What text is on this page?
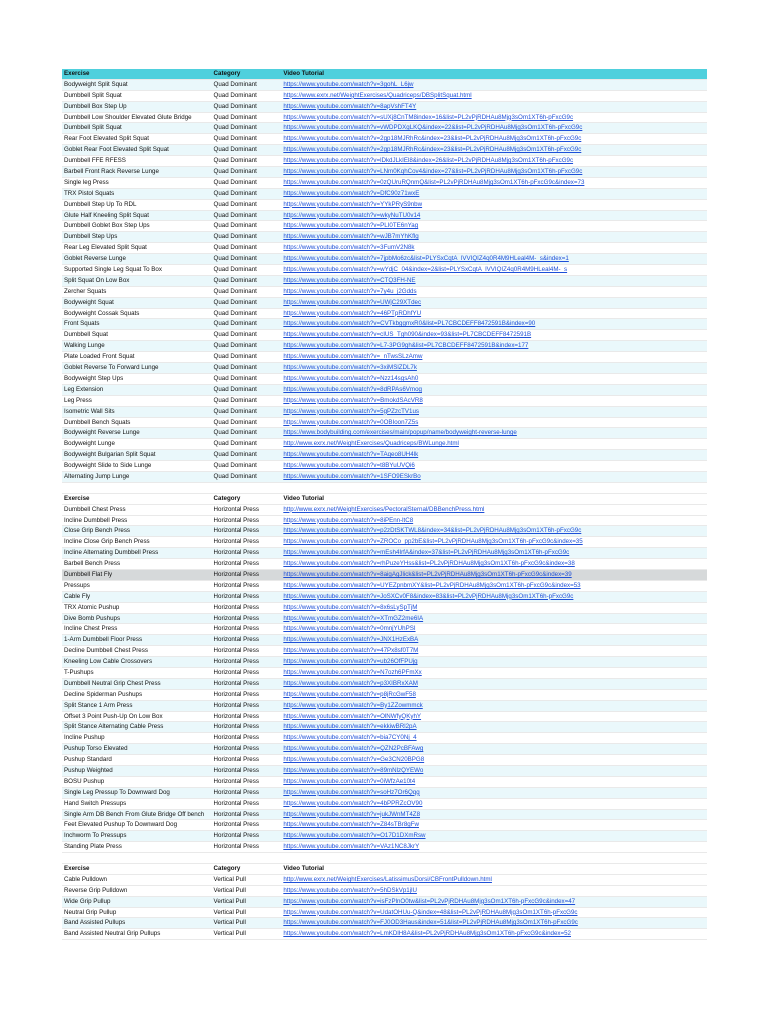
Exercise	Category	Video Tutorial
Bodyweight Split Squat	Quad Dominant	https://www.youtube.com/watch?v=3gohL_L6jw
Dumbbell Split Squat	Quad Dominant	https://www.exrx.net/WeightExercises/Quadriceps/DBSplitSquat.html
Dumbbell Box Step Up	Quad Dominant	https://www.youtube.com/watch?v=8apVshFT4Y
Dumbbell Low Shoulder Elevated Glute Bridge	Quad Dominant	https://www.youtube.com/watch?v=sUXj8CnTM8index=16&list=PL2vPjRDHAu8Mjg3sOm1XT6h-pFxcG9c
Dumbbell Split Squat	Quad Dominant	https://www.youtube.com/watch?v=vWDPDXgLKQ&index=22&list=PL2vPjRDHAu8Mjg3sOm1XT6h-pFxcG9c
Rear Foot Elevated Split Squat	Quad Dominant	https://www.youtube.com/watch?v=2gp18MJRhRc&index=23&list=PL2vPjRDHAu8Mjg3sOm1XT6h-pFxcG9c
Goblet Rear Foot Elevated Split Squat	Quad Dominant	https://www.youtube.com/watch?v=2gp18MJRhRc&index=23&list=PL2vPjRDHAu8Mjg3sOm1XT6h-pFxcG9c
Dumbbell FFE RFESS	Quad Dominant	https://www.youtube.com/watch?v=lDkdJLkIEl8&index=26&list=PL2vPjRDHAu8Mjg3sOm1XT6h-pFxcG9c
Barbell Front Rack Reverse Lunge	Quad Dominant	https://www.youtube.com/watch?v=LNm0KqhCov4&index=27&list=PL2vPjRDHAu8Mjg3sOm1XT6h-pFxcG9c
Single leg Press	Quad Dominant	https://www.youtube.com/watch?v=0zQUruRQnmQ&list=PL2vPjRDHAu8Mjg3sOm1XT6h-pFxcG9c&index=73
TRX Pistol Squats	Quad Dominant	https://www.youtube.com/watch?v=DfC90z71wxE
Dumbbell Step Up To RDL	Quad Dominant	https://www.youtube.com/watch?v=YYkPRyS9nbw
Glute Half Kneeling Split Squat	Quad Dominant	https://www.youtube.com/watch?v=wkyNuTU0v14
Dumbbell Goblet Box Step Ups	Quad Dominant	https://www.youtube.com/watch?v=PLI0TE6nYag
Dumbbell Step Ups	Quad Dominant	https://www.youtube.com/watch?v=wJB7mYhKflg
Rear Leg Elevated Split Squat	Quad Dominant	https://www.youtube.com/watch?v=3FumV2N8k
Goblet Reverse Lunge	Quad Dominant	https://www.youtube.com/watch?v=7jpbMo6zc&list=PLYSxCqtA_lVVIQIZ4q0R4M9HLeal4M-_s&index=1
Supported Single Leg Squat To Box	Quad Dominant	https://www.youtube.com/watch?v=wYdjC_04&index=2&list=PLYSxCqtA_lVVIQIZ4q0R4M9HLeal4M-_s
Split Squat On Low Box	Quad Dominant	https://www.youtube.com/watch?v=CTQ3FH-NE
Zercher Squats	Quad Dominant	https://www.youtube.com/watch?v=7y4u_j2Gdds
Bodyweight Squat	Quad Dominant	https://www.youtube.com/watch?v=UWjC29XTdec
Bodyweight Cossak Squats	Quad Dominant	https://www.youtube.com/watch?v=46PTpRDhfYU
Front Squats	Quad Dominant	https://www.youtube.com/watch?v=CVTkbggmxR0&list=PL7CBCDEFF8472591B&index=90
Dumbbell Squat	Quad Dominant	https://www.youtube.com/watch?v=cIUS_Tgh090&index=93&list=PL7CBCDEFF8472591B
Walking Lunge	Quad Dominant	https://www.youtube.com/watch?v=L7-3PG9gh&list=PL7CBCDEFF8472591B&index=177
Plate Loaded Front Squat	Quad Dominant	https://www.youtube.com/watch?v=_nTwsSLzAmw
Goblet Reverse To Forward Lunge	Quad Dominant	https://www.youtube.com/watch?v=3xiMSlZDL7k
Bodyweight Step Ups	Quad Dominant	https://www.youtube.com/watch?v=Nzz14sgsAh0
Leg Extension	Quad Dominant	https://www.youtube.com/watch?v=8dRPAs6Vmog
Leg Press	Quad Dominant	https://www.youtube.com/watch?v=BmokdSAcVR8
Isometric Wall Sits	Quad Dominant	https://www.youtube.com/watch?v=5gPZzcTV1us
Dumbbell Bench Squats	Quad Dominant	https://www.youtube.com/watch?v=0OBIoon7Z5s
Bodyweight Reverse Lunge	Quad Dominant	https://www.bodybuilding.com/exercises/main/popup/name/bodyweight-reverse-lunge
Bodyweight Lunge	Quad Dominant	http://www.exrx.net/WeightExercises/Quadriceps/BWLunge.html
Bodyweight Bulgarian Split Squat	Quad Dominant	https://www.youtube.com/watch?v=TAqeo8UH4lk
Bodyweight Slide to Side Lunge	Quad Dominant	https://www.youtube.com/watch?v=t8BYuUVQi6
Alternating Jump Lunge	Quad Dominant	https://www.youtube.com/watch?v=1SFO9ESkrBo
Exercise	Category	Video Tutorial
Dumbbell Chest Press	Horizontal Press	http://www.exrx.net/WeightExercises/PectoralSternal/DBBenchPress.html
Incline Dumbbell Press	Horizontal Press	https://www.youtube.com/watch?v=8iPEnn-ltC8
Close Grip Bench Press	Horizontal Press	https://www.youtube.com/watch?v=p2zDtSKTWL8&index=34&list=PL2vPjRDHAu8Mjg3sOm1XT6h-pFxcG9c
Incline Close Grip Bench Press	Horizontal Press	https://www.youtube.com/watch?v=ZROCo_pp2bE&list=PL2vPjRDHAu8Mjg3sOm1XT6h-pFxcG9c&index=35
Incline Alternating Dumbbell Press	Horizontal Press	https://www.youtube.com/watch?v=mEsh4IrfA&index=37&list=PL2vPjRDHAu8Mjg3sOm1XT6h-pFxcG9c
Barbell Bench Press	Horizontal Press	https://www.youtube.com/watch?v=rhPuzeYHss&list=PL2vPjRDHAu8Mjg3sOm1XT6h-pFxcG9c&index=38
Dumbbell Flat Fly	Horizontal Press	https://www.youtube.com/watch?v=8aigAgJlick&list=PL2vPjRDHAu8Mjg3sOm1XT6h-pFxcG9c&index=39
Pressups	Horizontal Press	https://www.youtube.com/watch?v=UYEZpnbmXY&list=PL2vPjRDHAu8Mjg3sOm1XT6h-pFxcG9c&index=53
Cable Fly	Horizontal Press	https://www.youtube.com/watch?v=JoSXCv0F8&index=83&list=PL2vPjRDHAu8Mjg3sOm1XT6h-pFxcG9c
TRX Atomic Pushup	Horizontal Press	https://www.youtube.com/watch?v=8x6sLySpTjM
Dive Bomb Pushups	Horizontal Press	https://www.youtube.com/watch?v=XTmGZ2me6IA
Incline Chest Press	Horizontal Press	https://www.youtube.com/watch?v=0mnjYUhPSI
1-Arm Dumbbell Floor Press	Horizontal Press	https://www.youtube.com/watch?v=JNX1HzExBA
Decline Dumbbell Chest Press	Horizontal Press	https://www.youtube.com/watch?v=47Px8sf0T7M
Kneeling Low Cable Crossovers	Horizontal Press	https://www.youtube.com/watch?v=ub26OfFPUjg
T-Pushups	Horizontal Press	https://www.youtube.com/watch?v=N7ozh6PFmXx
Dumbbell Neutral Grip Chest Press	Horizontal Press	https://www.youtube.com/watch?v=p3XIBRxXAM
Decline Spiderman Pushups	Horizontal Press	https://www.youtube.com/watch?v=p8jRcGwF58
Split Stance 1 Arm Press	Horizontal Press	https://www.youtube.com/watch?v=By1ZZowmmck
Offset 3 Point Push-Up On Low Box	Horizontal Press	https://www.youtube.com/watch?v=OlNWfyQKyhY
Split Stance Alternating Cable Press	Horizontal Press	https://www.youtube.com/watch?v=ekkiwBRl2pA
Incline Pushup	Horizontal Press	https://www.youtube.com/watch?v=bia7CY0Nj_4
Pushup Torso Elevated	Horizontal Press	https://www.youtube.com/watch?v=QZN2PcBFAwg
Pushup Standard	Horizontal Press	https://www.youtube.com/watch?v=Ge3CN20BPG8
Pushup Weighted	Horizontal Press	https://www.youtube.com/watch?v=89mNlzQYEWo
BOSU Pushup	Horizontal Press	https://www.youtube.com/watch?v=0iWfzAe10t4
Single Leg Pressup To Downward Dog	Horizontal Press	https://www.youtube.com/watch?v=soHz7Or6Qqg
Hand Switch Pressups	Horizontal Press	https://www.youtube.com/watch?v=4bPPRZcOV90
Single Arm DB Bench From Glute Bridge Off bench	Horizontal Press	https://www.youtube.com/watch?v=jukJWnMT4Z8
Feet Elevated Pushup To Downward Dog	Horizontal Press	https://www.youtube.com/watch?v=Z84sTBr8gFw
Inchworm To Pressups	Horizontal Press	https://www.youtube.com/watch?v=O17D1DXmRsw
Standing Plate Press	Horizontal Press	https://www.youtube.com/watch?v=VAz1NC8JkrY
Exercise	Category	Video Tutorial
Cable Pulldown	Vertical Pull	http://www.exrx.net/WeightExercises/LatissimusDorsi/CBFrontPulldown.html
Reverse Grip Pulldown	Vertical Pull	https://www.youtube.com/watch?v=5hDSkVp1jlU
Wide Grip Pullup	Vertical Pull	https://www.youtube.com/watch?v=isFzPlnO0tw&list=PL2vPjRDHAu8Mjg3sOm1XT6h-pFxcG9c&index=47
Neutral Grip Pullup	Vertical Pull	https://www.youtube.com/watch?v=UdatOHUu-Q&index=48&list=PL2vPjRDHAu8Mjg3sOm1XT6h-pFxcG9c
Band Assisted Pullups	Vertical Pull	https://www.youtube.com/watch?v=FJ0OD3Haus&index=51&list=PL2vPjRDHAu8Mjg3sOm1XT6h-pFxcG9c
Band Assisted Neutral Grip Pullups	Vertical Pull	https://www.youtube.com/watch?v=LmKDlH8A&list=PL2vPjRDHAu8Mjg3sOm1XT6h-pFxcG9c&index=52
